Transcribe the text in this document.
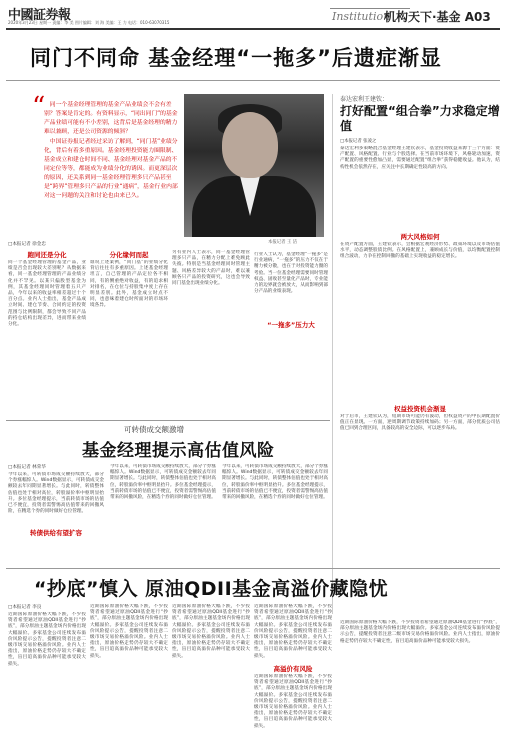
中國証券報
2020年3月23日 星期一 责编：李 美 图片编辑：刘 海 美编：王 力 电话：010-63070315	Institution
机构天下·基金 A03
同门不同命 基金经理“一拖多”后遗症渐显
“ 同一个基金经理管理的基金产品业绩会不会有差别？答案是肯定的。有资料显示，“同出同门”的基金产品业绩可能有不小差别，这背后是基金经理的精力难以兼顾，还是公司资源的倾斜？

中国证券报记者经过采访了解到，“同门基”业绩分化，背后有着多重原因。基金经理投资能力圈限制、基金成立和建仓时间不同、基金经理对基金产品的不同定位等等，都能成为业绩分化的诱因。而更深层次的原因，还关系到同一基金经理管理多只产品甚至是“跨界”管理多只产品的行业“通病”，基金行业内部对这一问题的关注和讨论也由来已久。

本报记者 王 洁
泰达宏利王建钦：
打好配置“组合拳”力求稳定增值
□本报记者 张凌之
泰达宏利多策略混合基金经理王建钦表示，基金投资收益来源于三个方面：资产配置、风格配置、行业与个股选择。在当前市场环境下，风格轮动加速，资产配置的重要性愈加凸显，需要通过配置“组合拳”获得稳健收益。他认为，结构性机会依然存在，应关注中长期确定性较高的方向。
两大风格如何
在资产配置方面，王建钦表示，会根据宏观经济形势、政策环境以及市场估值水平，动态调整股债比例。在风格配置上，兼顾成长与价值，以均衡配置控制组合波动，力争在控制回撤的基础上实现收益的稳定增长。
权益投资机会渐显
对于后市，王建钦认为，短期市场可能仍有波动，但权益资产的中长期配置价值正在显现。一方面，逆周期调节政策持续加码；另一方面，部分优质公司估值已回到合理区间，具备较高的安全边际，可以逐步布局。
□本报记者 徐金忠
跑同还是分化
同一个基金经理管理的基金产品，业绩是否会出现较大差别呢？从数据来看，同一基金经理管理的产品业绩分化并不罕见。以某只偏股型基金为例，其基金经理同时管理着五只产品，今年以来的收益率相差超过十个百分点。业内人士指出，基金产品成立时间、建仓节奏、合同约定的投资范围与比例限制，都会导致不同产品的持仓结构出现差异，进而带来业绩分化。
分化缘何而起
谁说上述案例，“同门基”的业绩分化背后往往有多重原因。上述基金经理坦言，自己管理的产品定位各不相同，有的侧重绝对收益，有的追求相对排名，在仓位与持股集中度上存在明显差别。此外，基金成立时点不同，也意味着建仓时所面对的市场环境各异。
另有业内人士表示，同一基金经理管理多只产品，在精力分配上难免顾此失彼。特别是当基金经理同时管理主题、风格差异较大的产品时，难以兼顾各只产品的投资研究，这也会导致同门基金出现业绩分化。
“一拖多”压力大
行业人士认为，基金经理“一拖多”是行业通病，“一拖多”的压力不仅在于精力被分散，也在于对投资能力圈的考验。当一位基金经理需要同时管理权益、固收甚至量化产品时，专业能力的边界就会被放大，从而影响到部分产品的业绩表现。
可转债成交额激增
基金经理提示高估值风险
□本报记者 林荣华
今年以来，可转债市场成交额持续放大，部分个券涨幅惊人。Wind数据显示，可转债成交金额较去年同期显著增长。与此同时，转债整体估值也处于相对高位，转股溢价率中枢明显抬升。多位基金经理提示，当前转债市场的估值已不便宜，投资者需警惕高估值带来的回撤风险，在精选个券的同时做好仓位管理。
转债供给有望扩容
今年以来，可转债市场成交额持续放大，部分个券涨幅惊人。Wind数据显示，可转债成交金额较去年同期显著增长。与此同时，转债整体估值也处于相对高位，转股溢价率中枢明显抬升。多位基金经理提示，当前转债市场的估值已不便宜，投资者需警惕高估值带来的回撤风险，在精选个券的同时做好仓位管理。
今年以来，可转债市场成交额持续放大，部分个券涨幅惊人。Wind数据显示，可转债成交金额较去年同期显著增长。与此同时，转债整体估值也处于相对高位，转股溢价率中枢明显抬升。多位基金经理提示，当前转债市场的估值已不便宜，投资者需警惕高估值带来的回撤风险，在精选个券的同时做好仓位管理。
“抄底”慎入 原油QDII基金高溢价藏隐忧
□本报记者 李良
近期国际原油价格大幅下跌，不少投资者希望通过原油QDII基金进行“抄底”，部分原油主题基金场内价格出现大幅溢价。多家基金公司连续发布溢价风险提示公告，提醒投资者注意二级市场交易价格溢价风险。业内人士指出，原油价格走势仍存较大不确定性，盲目追高溢价品种可能承受较大损失。
近期国际原油价格大幅下跌，不少投资者希望通过原油QDII基金进行“抄底”，部分原油主题基金场内价格出现大幅溢价。多家基金公司连续发布溢价风险提示公告，提醒投资者注意二级市场交易价格溢价风险。业内人士指出，原油价格走势仍存较大不确定性，盲目追高溢价品种可能承受较大损失。
近期国际原油价格大幅下跌，不少投资者希望通过原油QDII基金进行“抄底”，部分原油主题基金场内价格出现大幅溢价。多家基金公司连续发布溢价风险提示公告，提醒投资者注意二级市场交易价格溢价风险。业内人士指出，原油价格走势仍存较大不确定性，盲目追高溢价品种可能承受较大损失。
高溢价有风险
近期国际原油价格大幅下跌，不少投资者希望通过原油QDII基金进行“抄底”，部分原油主题基金场内价格出现大幅溢价。多家基金公司连续发布溢价风险提示公告，提醒投资者注意二级市场交易价格溢价风险。业内人士指出，原油价格走势仍存较大不确定性，盲目追高溢价品种可能承受较大损失。
近期国际原油价格大幅下跌，不少投资者希望通过原油QDII基金进行“抄底”，部分原油主题基金场内价格出现大幅溢价。多家基金公司连续发布溢价风险提示公告，提醒投资者注意二级市场交易价格溢价风险。业内人士指出，原油价格走势仍存较大不确定性，盲目追高溢价品种可能承受较大损失。
近期国际原油价格大幅下跌，不少投资者希望通过原油QDII基金进行“抄底”，部分原油主题基金场内价格出现大幅溢价。多家基金公司连续发布溢价风险提示公告，提醒投资者注意二级市场交易价格溢价风险。业内人士指出，原油价格走势仍存较大不确定性，盲目追高溢价品种可能承受较大损失。
